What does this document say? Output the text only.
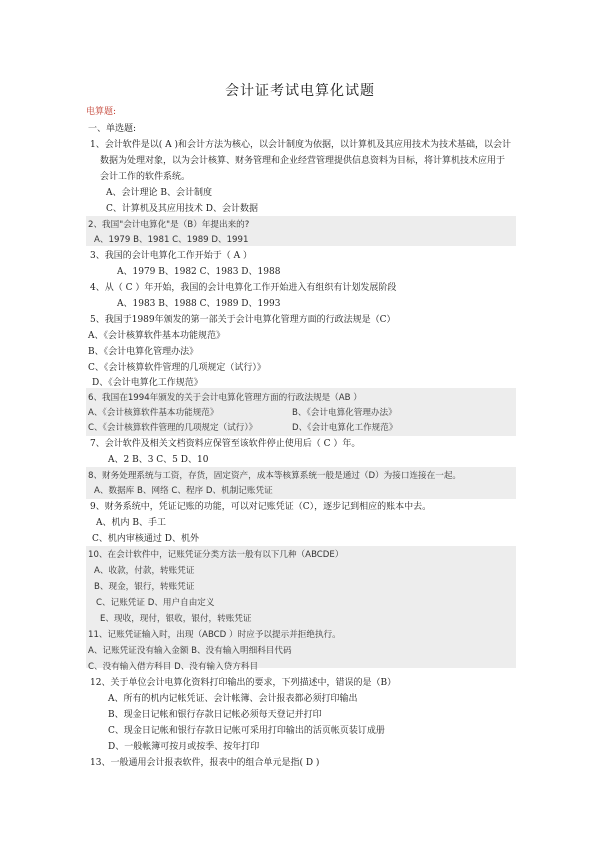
会计证考试电算化试题
电算题:
一、单选题:
1、会计软件是以( A )和会计方法为核心，以会计制度为依据，以计算机及其应用技术为技术基础，以会计
数据为处理对象，以为会计核算、财务管理和企业经营管理提供信息资料为目标，将计算机技术应用于
会计工作的软件系统。
A、会计理论 B、会计制度
C、计算机及其应用技术 D、会计数据
2、我国"会计电算化"是（B）年提出来的?
A、1979 B、1981 C、1989 D、1991
3、我国的会计电算化工作开始于（ A ）
A、1979 B、1982 C、1983 D、1988
4、从（ C ）年开始，我国的会计电算化工作开始进入有组织有计划发展阶段
A、1983 B、1988 C、1989 D、1993
5、我国于1989年颁发的第一部关于会计电算化管理方面的行政法规是（C）
A、《会计核算软件基本功能规范》
B、《会计电算化管理办法》
C、《会计核算软件管理的几项规定（试行）》
D、《会计电算化工作规范》
6、我国在1994年颁发的关于会计电算化管理方面的行政法规是（AB ）
A、《会计核算软件基本功能规范》	B、《会计电算化管理办法》
C、《会计核算软件管理的几项规定（试行）》	D、《会计电算化工作规范》
7、会计软件及相关文档资料应保管至该软件停止使用后（ C ）年。
A、2 B、3 C、5 D、10
8、财务处理系统与工资，存货，固定资产，成本等核算系统一般是通过（D）为接口连接在一起。
A、数据库 B、网络 C、程序 D、机制记账凭证
9、财务系统中，凭证记账的功能，可以对记账凭证（C），逐步记到相应的账本中去。
A、机内 B、手工
C、机内审核通过 D、机外
10、在会计软件中，记账凭证分类方法一般有以下几种（ABCDE）
A、收款，付款，转账凭证
B、现金，银行，转账凭证
C、记账凭证 D、用户自由定义
E、现收，现付，银收，银付，转账凭证
11、记账凭证输入时，出现（ABCD ）时应予以提示并拒绝执行。
A、记账凭证没有输入金额 B、没有输入明细科目代码
C、没有输入借方科目 D、没有输入贷方科目
12、关于单位会计电算化资料打印输出的要求，下列描述中，错误的是（B）
A、所有的机内记帐凭证、会计帐簿、会计报表都必须打印输出
B、现金日记帐和银行存款日记帐必须每天登记并打印
C、现金日记帐和银行存款日记帐可采用打印输出的活页帐页装订成册
D、一般帐簿可按月或按季、按年打印
13、一般通用会计报表软件，报表中的组合单元是指( D )
